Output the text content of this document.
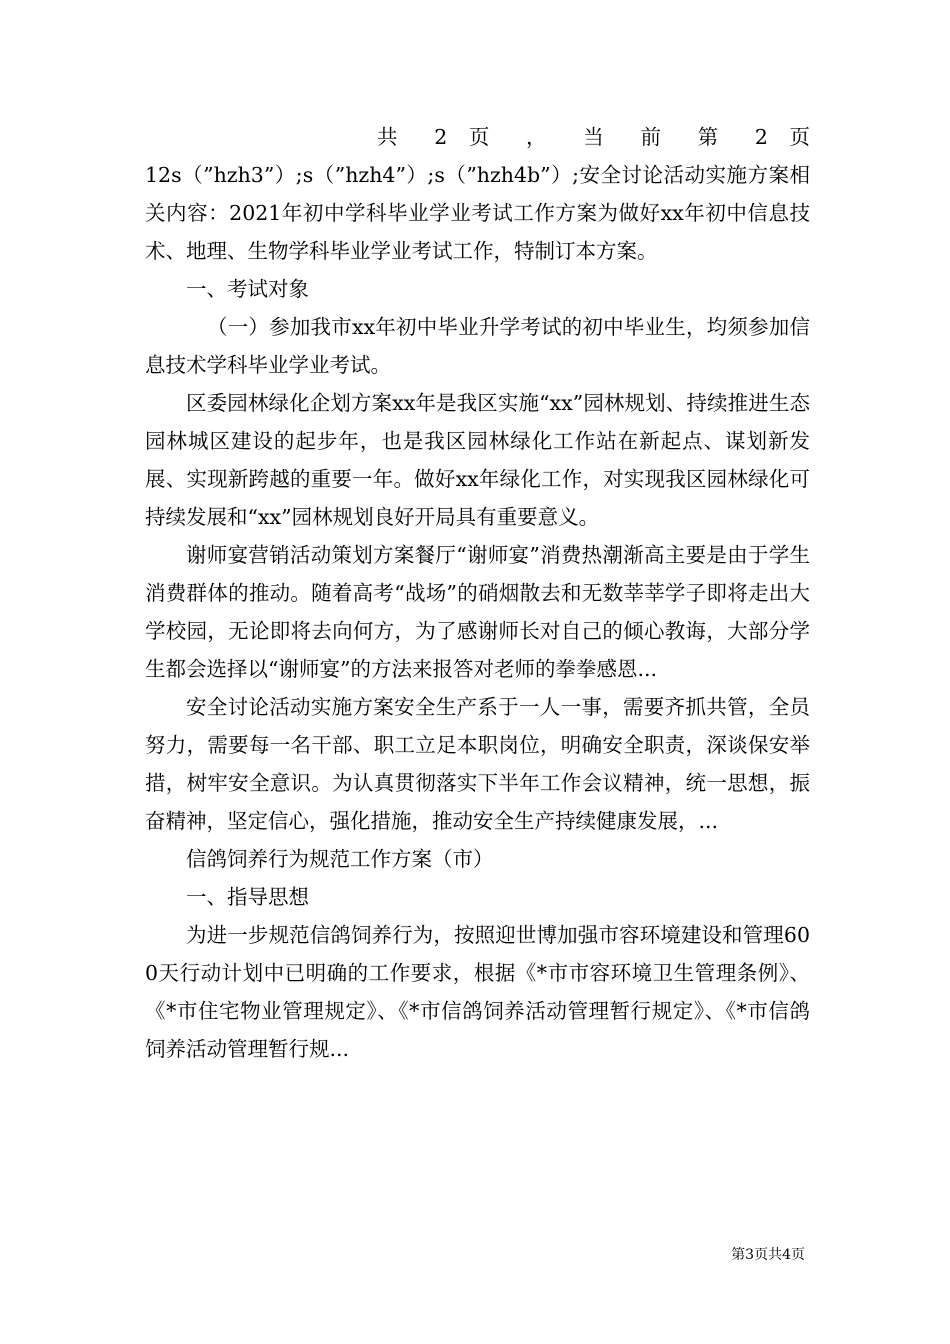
共 2 页 ， 当 前 第 2 页

12s（”hzh3”）;s（”hzh4”）;s（”hzh4b”）;安全讨论活动实施方案相关内容：2021年初中学科毕业学业考试工作方案为做好xx年初中信息技术、地理、生物学科毕业学业考试工作，特制订本方案。

一、考试对象

（一）参加我市xx年初中毕业升学考试的初中毕业生，均须参加信息技术学科毕业学业考试。

区委园林绿化企划方案xx年是我区实施“xx”园林规划、持续推进生态园林城区建设的起步年，也是我区园林绿化工作站在新起点、谋划新发展、实现新跨越的重要一年。做好xx年绿化工作，对实现我区园林绿化可持续发展和“xx”园林规划良好开局具有重要意义。

谢师宴营销活动策划方案餐厅“谢师宴”消费热潮渐高主要是由于学生消费群体的推动。随着高考“战场”的硝烟散去和无数莘莘学子即将走出大学校园，无论即将去向何方，为了感谢师长对自己的倾心教诲，大部分学生都会选择以“谢师宴”的方法来报答对老师的拳拳感恩...

安全讨论活动实施方案安全生产系于一人一事，需要齐抓共管，全员努力，需要每一名干部、职工立足本职岗位，明确安全职责，深谈保安举措，树牢安全意识。为认真贯彻落实下半年工作会议精神，统一思想，振奋精神，坚定信心，强化措施，推动安全生产持续健康发展，...

信鸽饲养行为规范工作方案（市）

一、指导思想

为进一步规范信鸽饲养行为，按照迎世博加强市容环境建设和管理600天行动计划中已明确的工作要求，根据《*市市容环境卫生管理条例》、《*市住宅物业管理规定》、《*市信鸽饲养活动管理暂行规定》、《*市信鸽饲养活动管理暂行规...

第3页共4页
